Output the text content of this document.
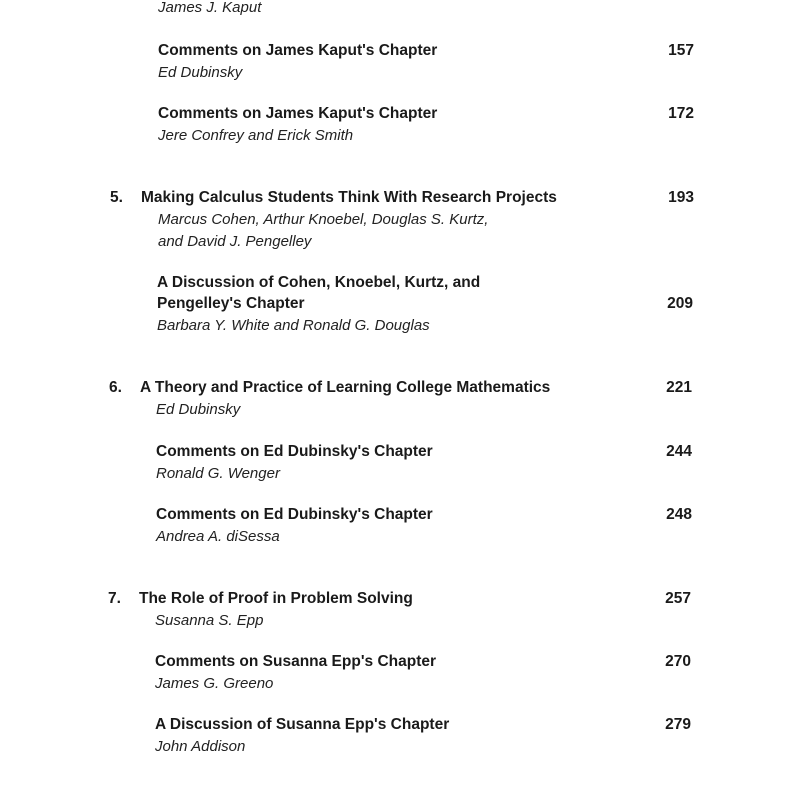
James J. Kaput
Comments on James Kaput's Chapter
Ed Dubinsky
157
Comments on James Kaput's Chapter
Jere Confrey and Erick Smith
172
5. Making Calculus Students Think With Research Projects
Marcus Cohen, Arthur Knoebel, Douglas S. Kurtz,
and David J. Pengelley
193
A Discussion of Cohen, Knoebel, Kurtz, and
Pengelley's Chapter
Barbara Y. White and Ronald G. Douglas
209
6. A Theory and Practice of Learning College Mathematics
Ed Dubinsky
221
Comments on Ed Dubinsky's Chapter
Ronald G. Wenger
244
Comments on Ed Dubinsky's Chapter
Andrea A. diSessa
248
7. The Role of Proof in Problem Solving
Susanna S. Epp
257
Comments on Susanna Epp's Chapter
James G. Greeno
270
A Discussion of Susanna Epp's Chapter
John Addison
279
